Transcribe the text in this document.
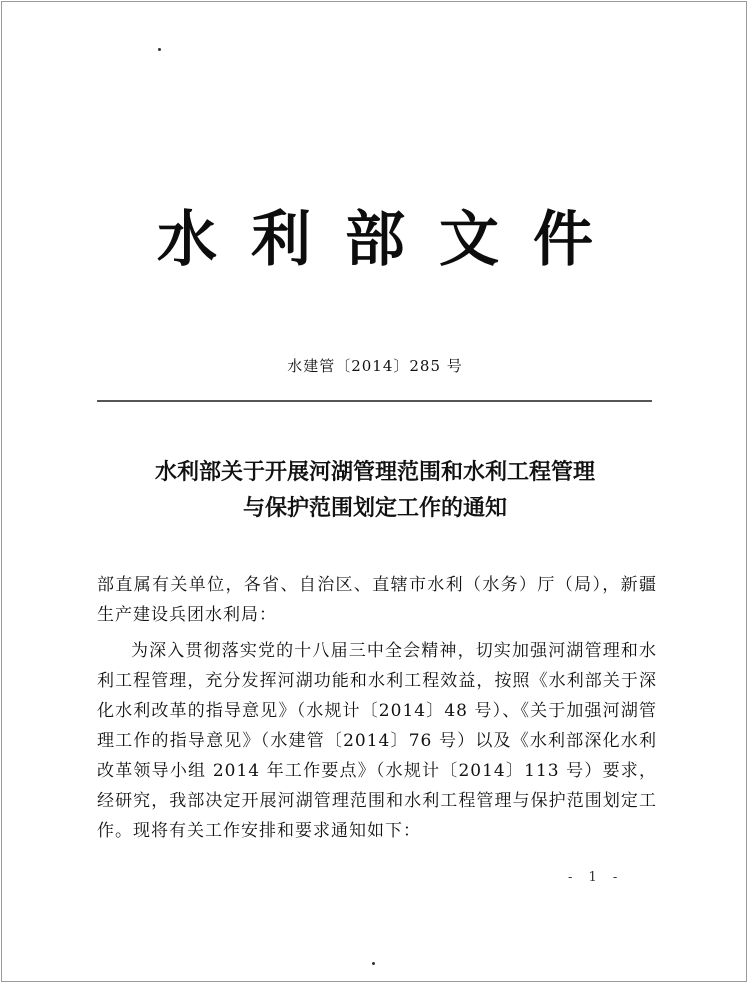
水利部文件
水建管〔2014〕285 号
水利部关于开展河湖管理范围和水利工程管理
与保护范围划定工作的通知
部直属有关单位，各省、自治区、直辖市水利（水务）厅（局），新疆生产建设兵团水利局：
为深入贯彻落实党的十八届三中全会精神，切实加强河湖管理和水利工程管理，充分发挥河湖功能和水利工程效益，按照《水利部关于深化水利改革的指导意见》（水规计〔2014〕48 号）、《关于加强河湖管理工作的指导意见》（水建管〔2014〕76 号）以及《水利部深化水利改革领导小组 2014 年工作要点》（水规计〔2014〕113 号）要求，经研究，我部决定开展河湖管理范围和水利工程管理与保护范围划定工作。现将有关工作安排和要求通知如下：
- 1 -
